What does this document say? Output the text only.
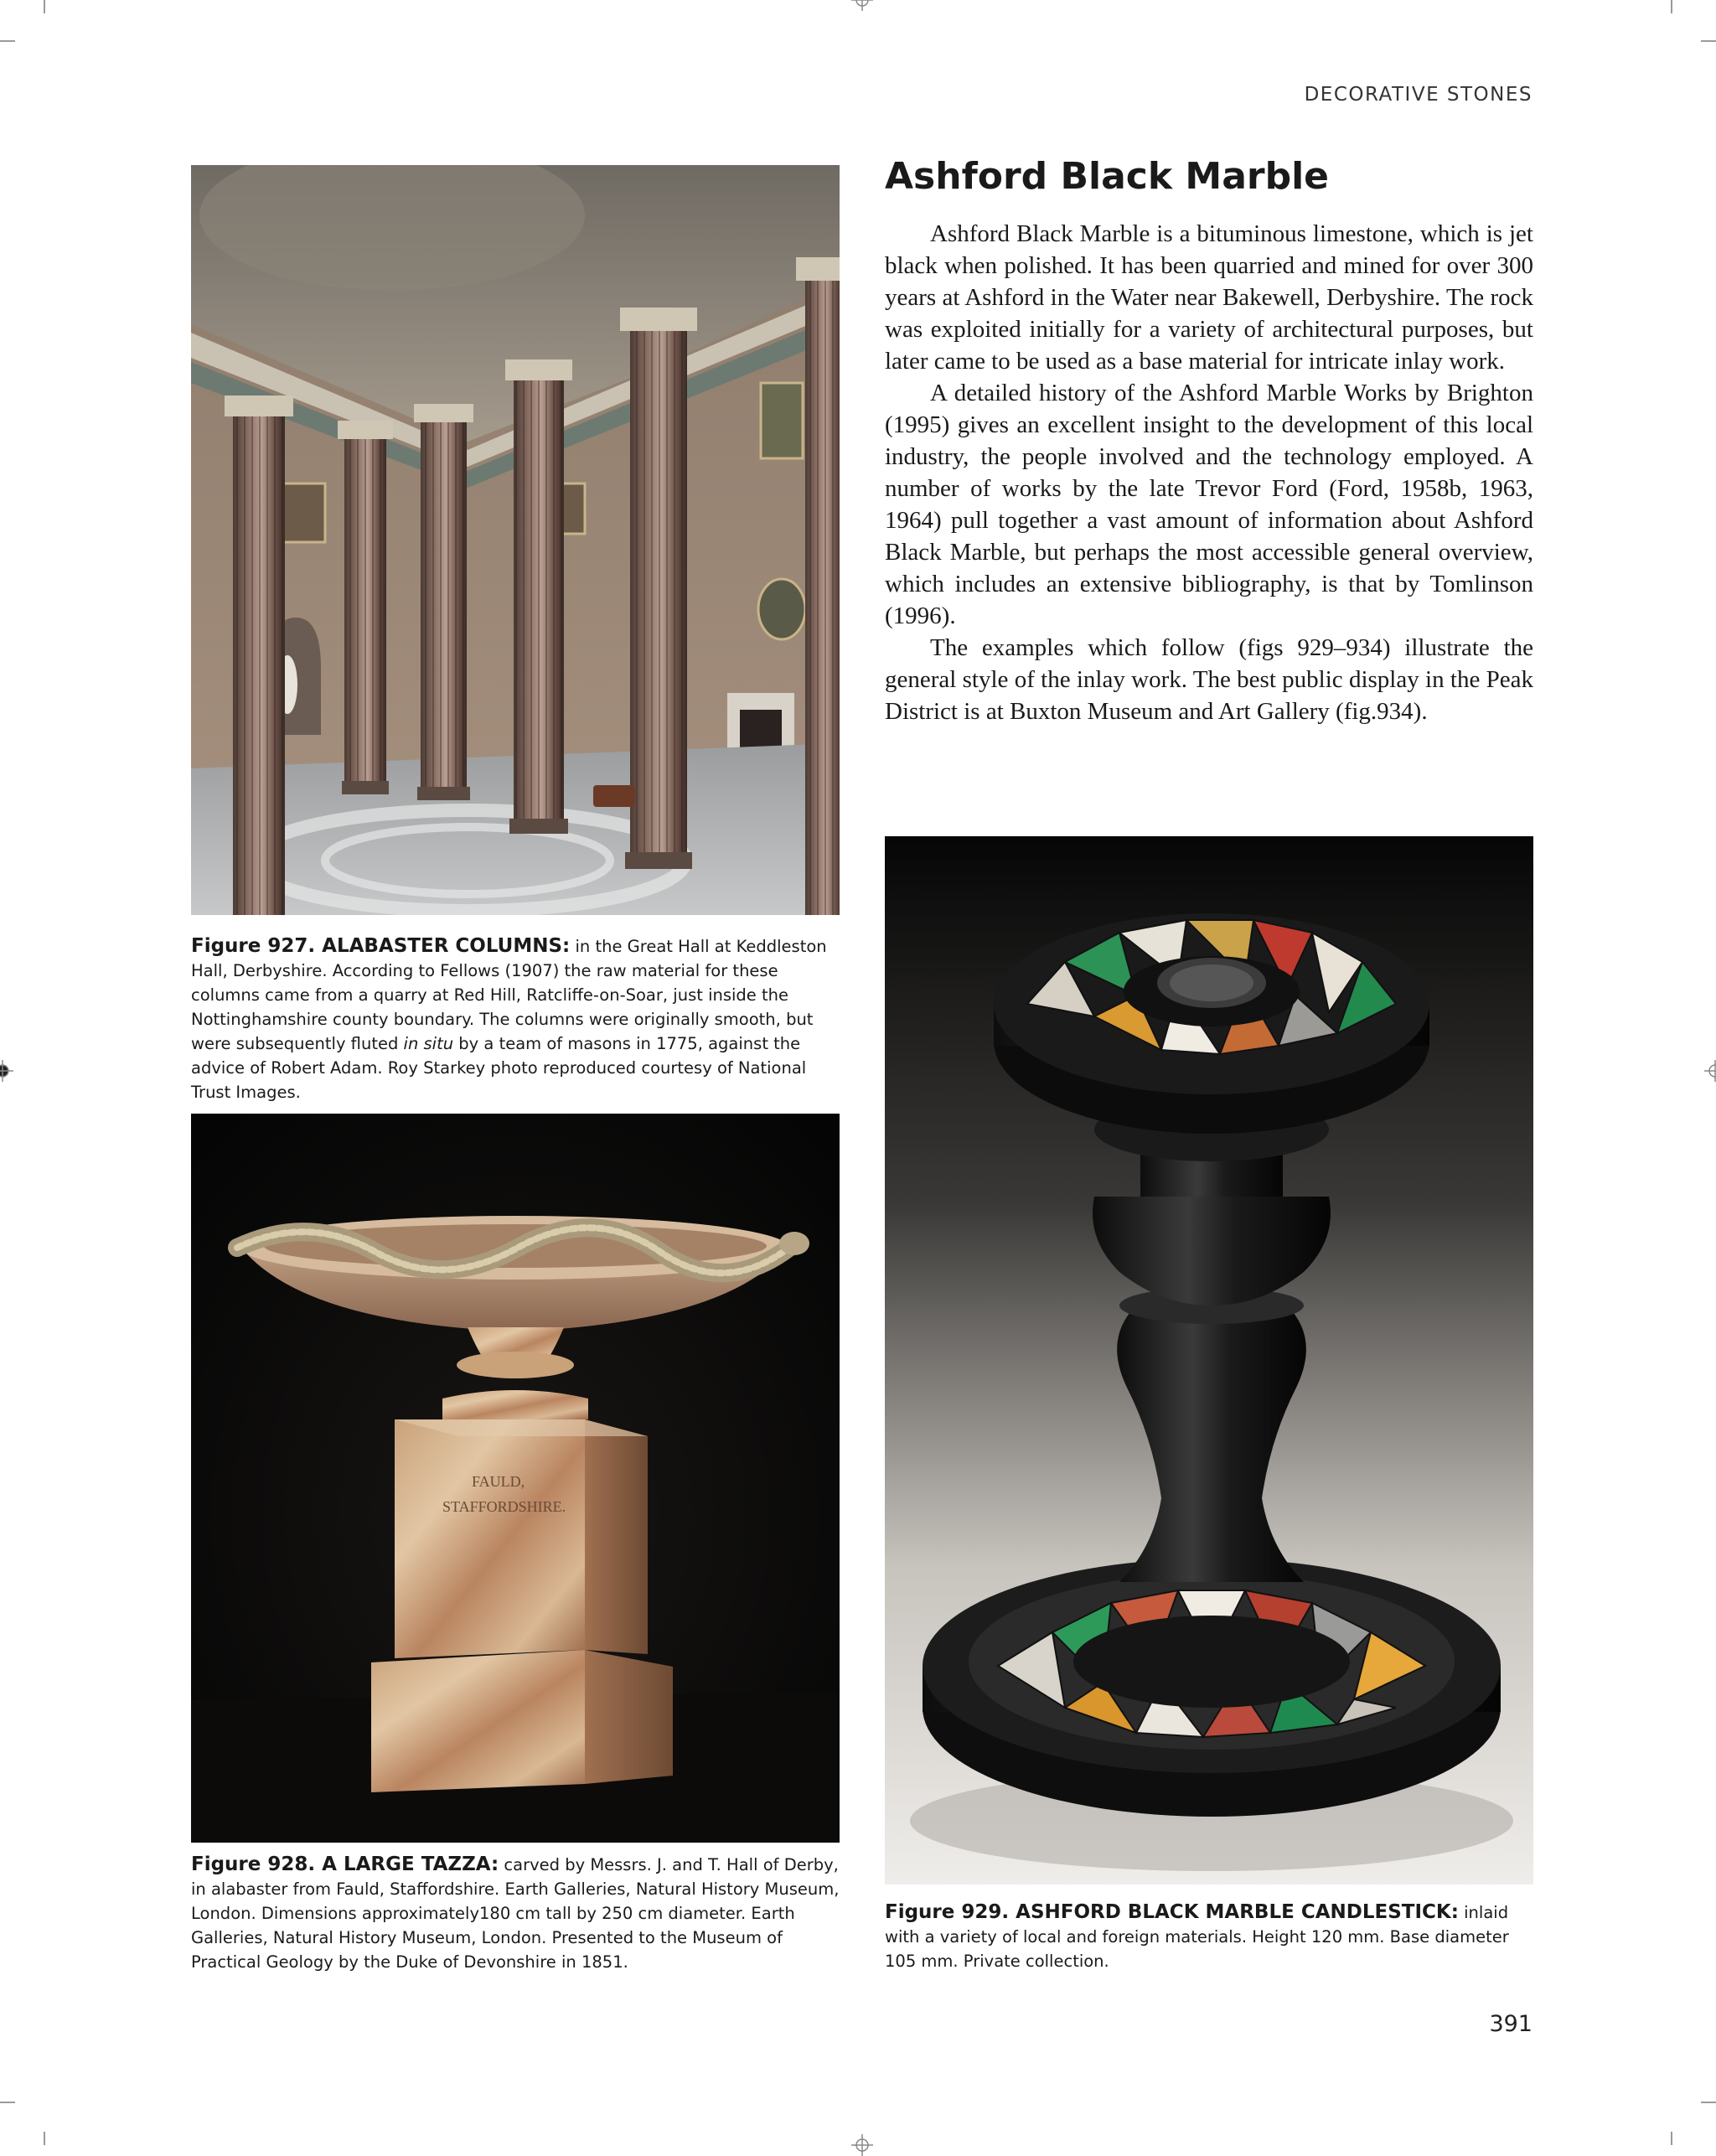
DECORATIVE STONES
Figure 927. ALABASTER COLUMNS: in the Great Hall at Keddleston Hall, Derbyshire. According to Fellows (1907) the raw material for these columns came from a quarry at Red Hill, Ratcliffe-on-Soar, just inside the Nottinghamshire county boundary. The columns were originally smooth, but were subsequently fluted in situ by a team of masons in 1775, against the advice of Robert Adam. Roy Starkey photo reproduced courtesy of National Trust Images.
FAULD,
STAFFORDSHIRE.
Figure 928. A LARGE TAZZA: carved by Messrs. J. and T. Hall of Derby, in alabaster from Fauld, Staffordshire. Earth Galleries, Natural History Museum, London. Dimensions approximately180 cm tall by 250 cm diameter. Earth Galleries, Natural History Museum, London. Presented to the Museum of Practical Geology by the Duke of Devonshire in 1851.
Ashford Black Marble

Ashford Black Marble is a bituminous limestone, which is jet black when polished. It has been quarried and mined for over 300 years at Ashford in the Water near Bakewell, Derbyshire. The rock was exploited initially for a variety of architectural purposes, but later came to be used as a base material for intricate inlay work.

A detailed history of the Ashford Marble Works by Brighton (1995) gives an excellent insight to the development of this local industry, the people involved and the technology employed. A number of works by the late Trevor Ford (Ford, 1958b, 1963, 1964) pull together a vast amount of information about Ashford Black Marble, but perhaps the most accessible general overview, which includes an extensive bibliography, is that by Tomlinson (1996).

The examples which follow (figs 929–934) illustrate the general style of the inlay work. The best public display in the Peak District is at Buxton Museum and Art Gallery (fig.934).

Figure 929. ASHFORD BLACK MARBLE CANDLESTICK: inlaid with a variety of local and foreign materials. Height 120 mm. Base diameter 105 mm. Private collection.
391
